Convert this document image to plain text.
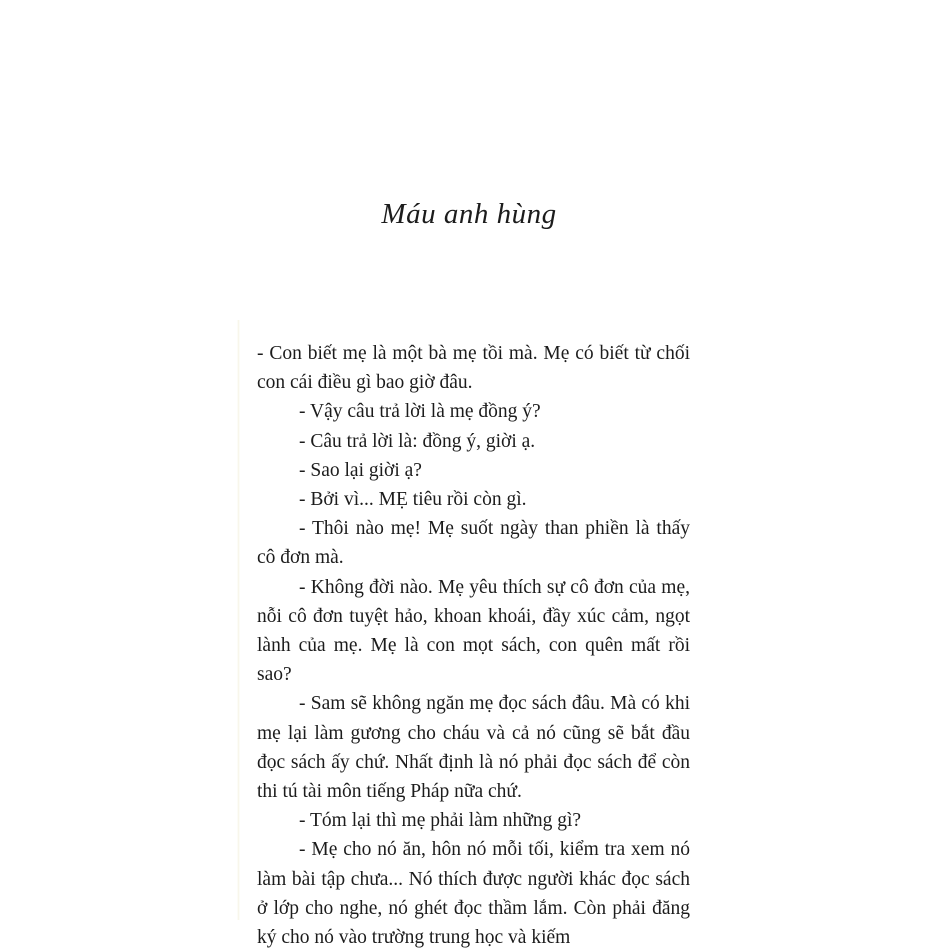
Máu anh hùng

- Con biết mẹ là một bà mẹ tồi mà. Mẹ có biết từ chối con cái điều gì bao giờ đâu.

- Vậy câu trả lời là mẹ đồng ý?

- Câu trả lời là: đồng ý, giời ạ.

- Sao lại giời ạ?

- Bởi vì... MẸ tiêu rồi còn gì.

- Thôi nào mẹ! Mẹ suốt ngày than phiền là thấy cô đơn mà.

- Không đời nào. Mẹ yêu thích sự cô đơn của mẹ, nỗi cô đơn tuyệt hảo, khoan khoái, đầy xúc cảm, ngọt lành của mẹ. Mẹ là con mọt sách, con quên mất rồi sao?

- Sam sẽ không ngăn mẹ đọc sách đâu. Mà có khi mẹ lại làm gương cho cháu và cả nó cũng sẽ bắt đầu đọc sách ấy chứ. Nhất định là nó phải đọc sách để còn thi tú tài môn tiếng Pháp nữa chứ.

- Tóm lại thì mẹ phải làm những gì?

- Mẹ cho nó ăn, hôn nó mỗi tối, kiểm tra xem nó làm bài tập chưa... Nó thích được người khác đọc sách ở lớp cho nghe, nó ghét đọc thầm lắm. Còn phải đăng ký cho nó vào trường trung học và kiếm
